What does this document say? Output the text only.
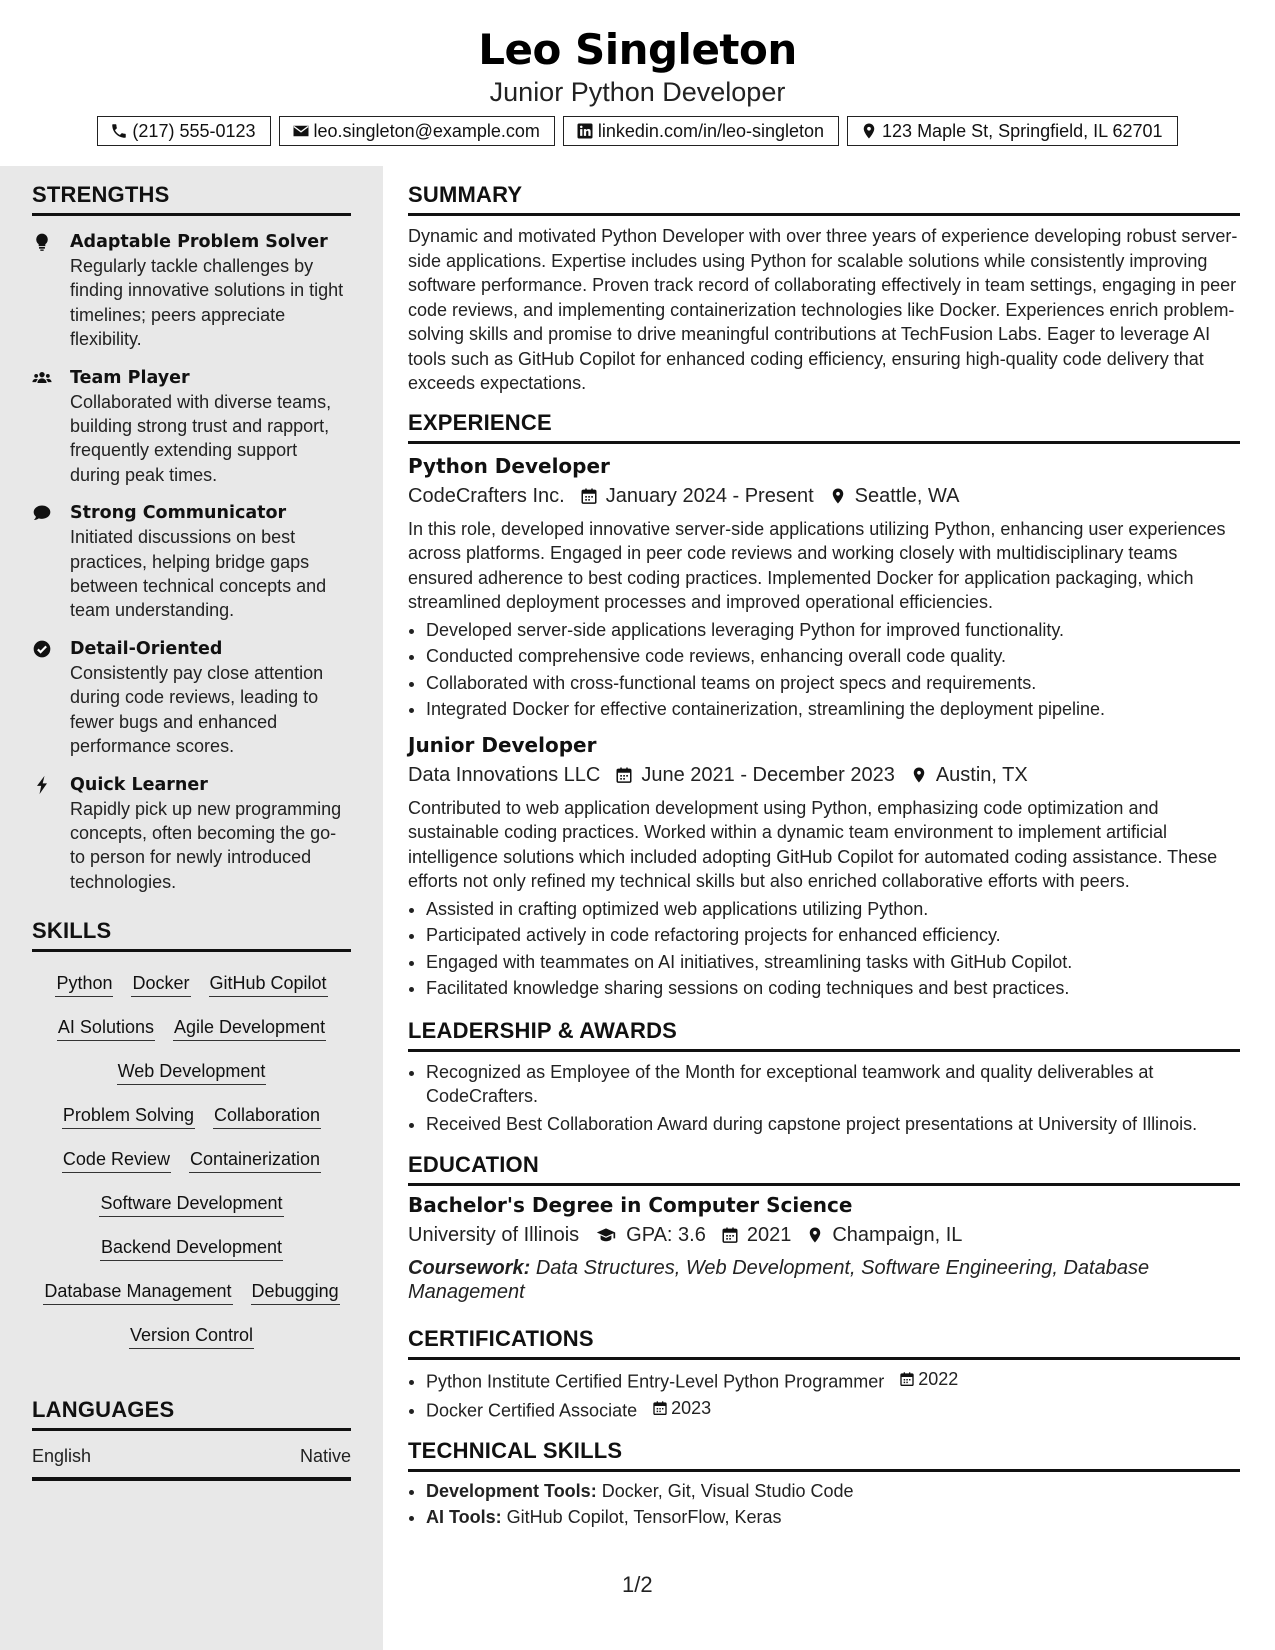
Leo Singleton
Junior Python Developer
(217) 555-0123	leo.singleton@example.com	linkedin.com/in/leo-singleton	123 Maple St, Springfield, IL 62701
STRENGTHS
Adaptable Problem Solver
Regularly tackle challenges by finding innovative solutions in tight timelines; peers appreciate flexibility.
Team Player
Collaborated with diverse teams, building strong trust and rapport, frequently extending support during peak times.
Strong Communicator
Initiated discussions on best practices, helping bridge gaps between technical concepts and team understanding.
Detail-Oriented
Consistently pay close attention during code reviews, leading to fewer bugs and enhanced performance scores.
Quick Learner
Rapidly pick up new programming concepts, often becoming the go-to person for newly introduced technologies.
SKILLS
Python Docker GitHub Copilot
AI Solutions Agile Development
Web Development
Problem Solving Collaboration
Code Review Containerization
Software Development
Backend Development
Database Management Debugging
Version Control
LANGUAGES
English	Native
SUMMARY
Dynamic and motivated Python Developer with over three years of experience developing robust server-side applications. Expertise includes using Python for scalable solutions while consistently improving software performance. Proven track record of collaborating effectively in team settings, engaging in peer code reviews, and implementing containerization technologies like Docker. Experiences enrich problem-solving skills and promise to drive meaningful contributions at TechFusion Labs. Eager to leverage AI tools such as GitHub Copilot for enhanced coding efficiency, ensuring high-quality code delivery that exceeds expectations.
EXPERIENCE
Python Developer
CodeCrafters Inc. January 2024 - Present Seattle, WA
In this role, developed innovative server-side applications utilizing Python, enhancing user experiences across platforms. Engaged in peer code reviews and working closely with multidisciplinary teams ensured adherence to best coding practices. Implemented Docker for application packaging, which streamlined deployment processes and improved operational efficiencies.
• Developed server-side applications leveraging Python for improved functionality.
• Conducted comprehensive code reviews, enhancing overall code quality.
• Collaborated with cross-functional teams on project specs and requirements.
• Integrated Docker for effective containerization, streamlining the deployment pipeline.
Junior Developer
Data Innovations LLC June 2021 - December 2023 Austin, TX
Contributed to web application development using Python, emphasizing code optimization and sustainable coding practices. Worked within a dynamic team environment to implement artificial intelligence solutions which included adopting GitHub Copilot for automated coding assistance. These efforts not only refined my technical skills but also enriched collaborative efforts with peers.
• Assisted in crafting optimized web applications utilizing Python.
• Participated actively in code refactoring projects for enhanced efficiency.
• Engaged with teammates on AI initiatives, streamlining tasks with GitHub Copilot.
• Facilitated knowledge sharing sessions on coding techniques and best practices.
LEADERSHIP & AWARDS
• Recognized as Employee of the Month for exceptional teamwork and quality deliverables at CodeCrafters.
• Received Best Collaboration Award during capstone project presentations at University of Illinois.
EDUCATION
Bachelor's Degree in Computer Science
University of Illinois GPA: 3.6 2021 Champaign, IL
Coursework: Data Structures, Web Development, Software Engineering, Database Management
CERTIFICATIONS
• Python Institute Certified Entry-Level Python Programmer 2022
• Docker Certified Associate 2023
TECHNICAL SKILLS
• Development Tools: Docker, Git, Visual Studio Code
• AI Tools: GitHub Copilot, TensorFlow, Keras
1/2
